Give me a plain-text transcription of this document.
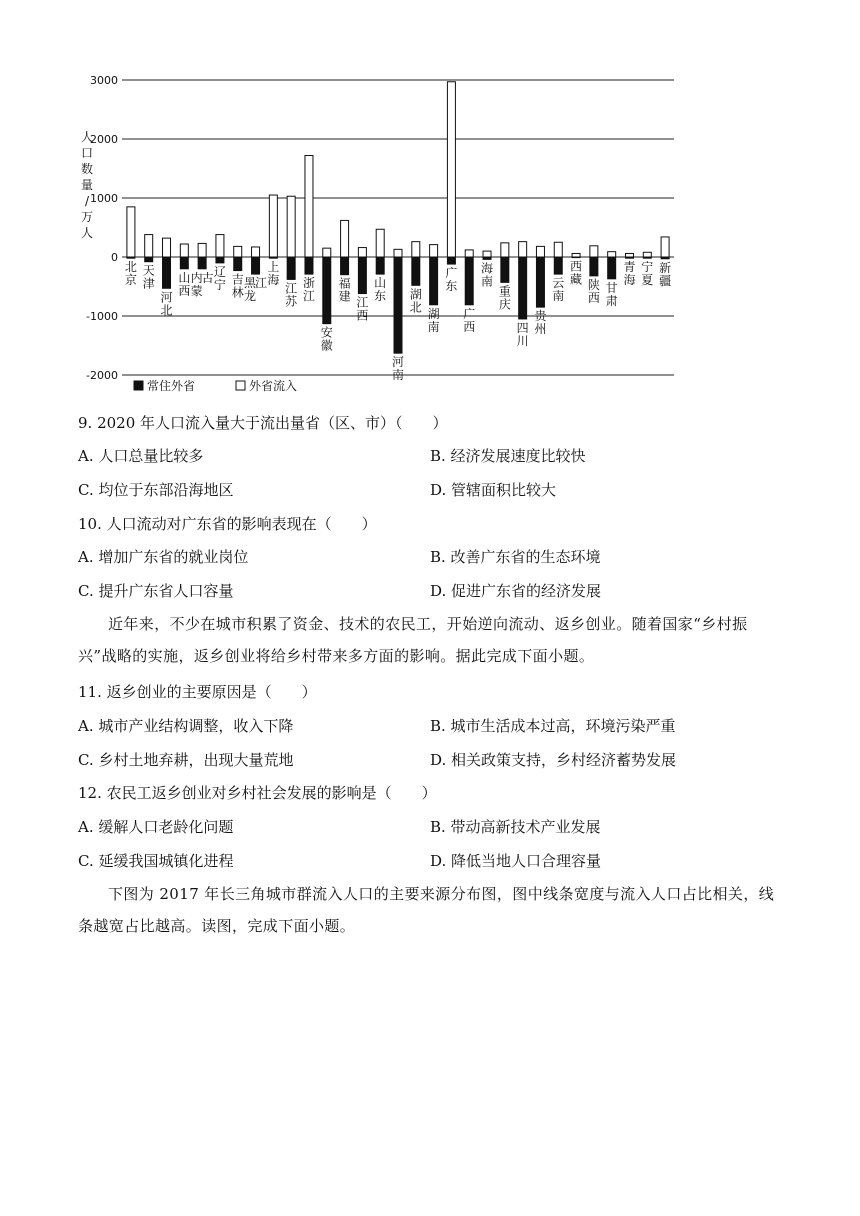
3000
2000
1000
0
-1000
-2000
人
口
数
量
/
万
人
北
京
天
津
河
北
山
西
内
蒙
古 辽
宁 吉
林
黑
龙
江
上
海
江
苏
浙
江
安
徽
福
建 江
西
山
东
河
南
湖
北 湖
南
广
东
广
西
海
南
重
庆
四
川
贵
州
云
南
西
藏 陕
西
甘
肃
青
海
宁
夏
新
疆
常住外省	外省流入
9. 2020 年人口流入量大于流出量省（区、市）（　　）
A. 人口总量比较多	B. 经济发展速度比较快
C. 均位于东部沿海地区	D. 管辖面积比较大
10. 人口流动对广东省的影响表现在（　　）
A. 增加广东省的就业岗位	B. 改善广东省的生态环境
C. 提升广东省人口容量	D. 促进广东省的经济发展
近年来，不少在城市积累了资金、技术的农民工，开始逆向流动、返乡创业。随着国家“乡村振兴”战略的实施，返乡创业将给乡村带来多方面的影响。据此完成下面小题。
11. 返乡创业的主要原因是（　　）
A. 城市产业结构调整，收入下降	B. 城市生活成本过高，环境污染严重
C. 乡村土地弃耕，出现大量荒地	D. 相关政策支持，乡村经济蓄势发展
12. 农民工返乡创业对乡村社会发展的影响是（　　）
A. 缓解人口老龄化问题	B. 带动高新技术产业发展
C. 延缓我国城镇化进程	D. 降低当地人口合理容量
下图为 2017 年长三角城市群流入人口的主要来源分布图，图中线条宽度与流入人口占比相关，线条越宽占比越高。读图，完成下面小题。
